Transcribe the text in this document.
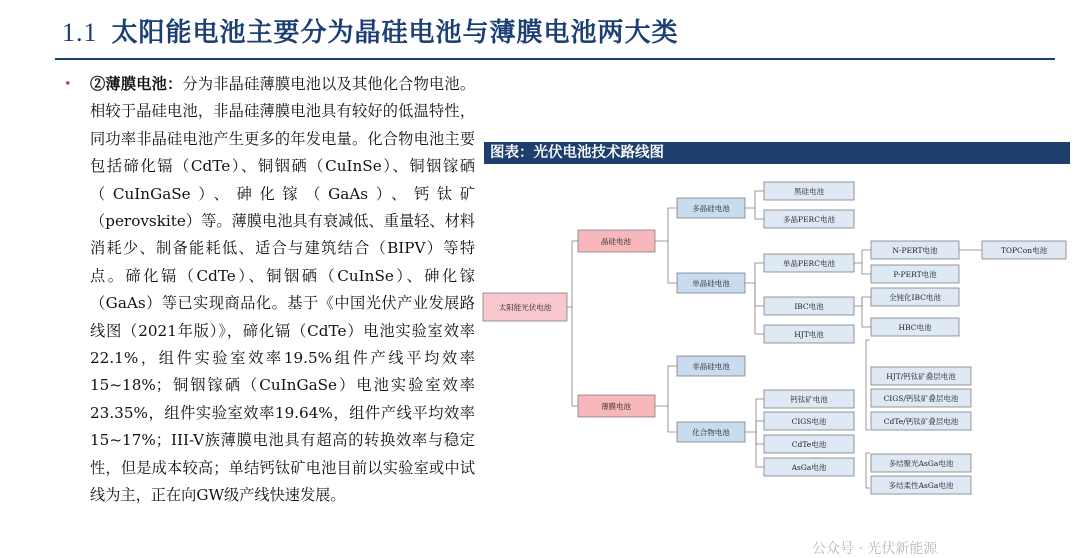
1.1 太阳能电池主要分为晶硅电池与薄膜电池两大类
• ②薄膜电池：分为非晶硅薄膜电池以及其他化合物电池。相较于晶硅电池，非晶硅薄膜电池具有较好的低温特性，同功率非晶硅电池产生更多的年发电量。化合物电池主要包括碲化镉（CdTe）、铜铟硒（CuInSe）、铜铟镓硒（CuInGaSe）、砷化镓（GaAs）、钙钛矿（perovskite）等。薄膜电池具有衰减低、重量轻、材料消耗少、制备能耗低、适合与建筑结合（BIPV）等特点。碲化镉（CdTe）、铜铟硒（CuInSe）、砷化镓（GaAs）等已实现商品化。基于《中国光伏产业发展路线图（2021年版）》，碲化镉（CdTe）电池实验室效率22.1%，组件实验室效率19.5%组件产线平均效率15~18%；铜铟镓硒（CuInGaSe）电池实验室效率23.35%，组件实验室效率19.64%，组件产线平均效率15~17%；III-V族薄膜电池具有超高的转换效率与稳定性，但是成本较高；单结钙钛矿电池目前以实验室或中试线为主，正在向GW级产线快速发展。
图表：光伏电池技术路线图
太阳能光伏电池
晶硅电池
薄膜电池
多晶硅电池
单晶硅电池
非晶硅电池
化合物电池
黑硅电池
多晶PERC电池
单晶PERC电池
IBC电池
HJT电池
N-PERT电池
P-PERT电池
全钝化IBC电池
HBC电池
TOPCon电池
钙钛矿电池
CIGS电池
CdTe电池
AsGa电池
HJT/钙钛矿叠层电池
CIGS/钙钛矿叠层电池
CdTe/钙钛矿叠层电池
多结聚光AsGa电池
多结柔性AsGa电池
公众号 · 光伏新能源
